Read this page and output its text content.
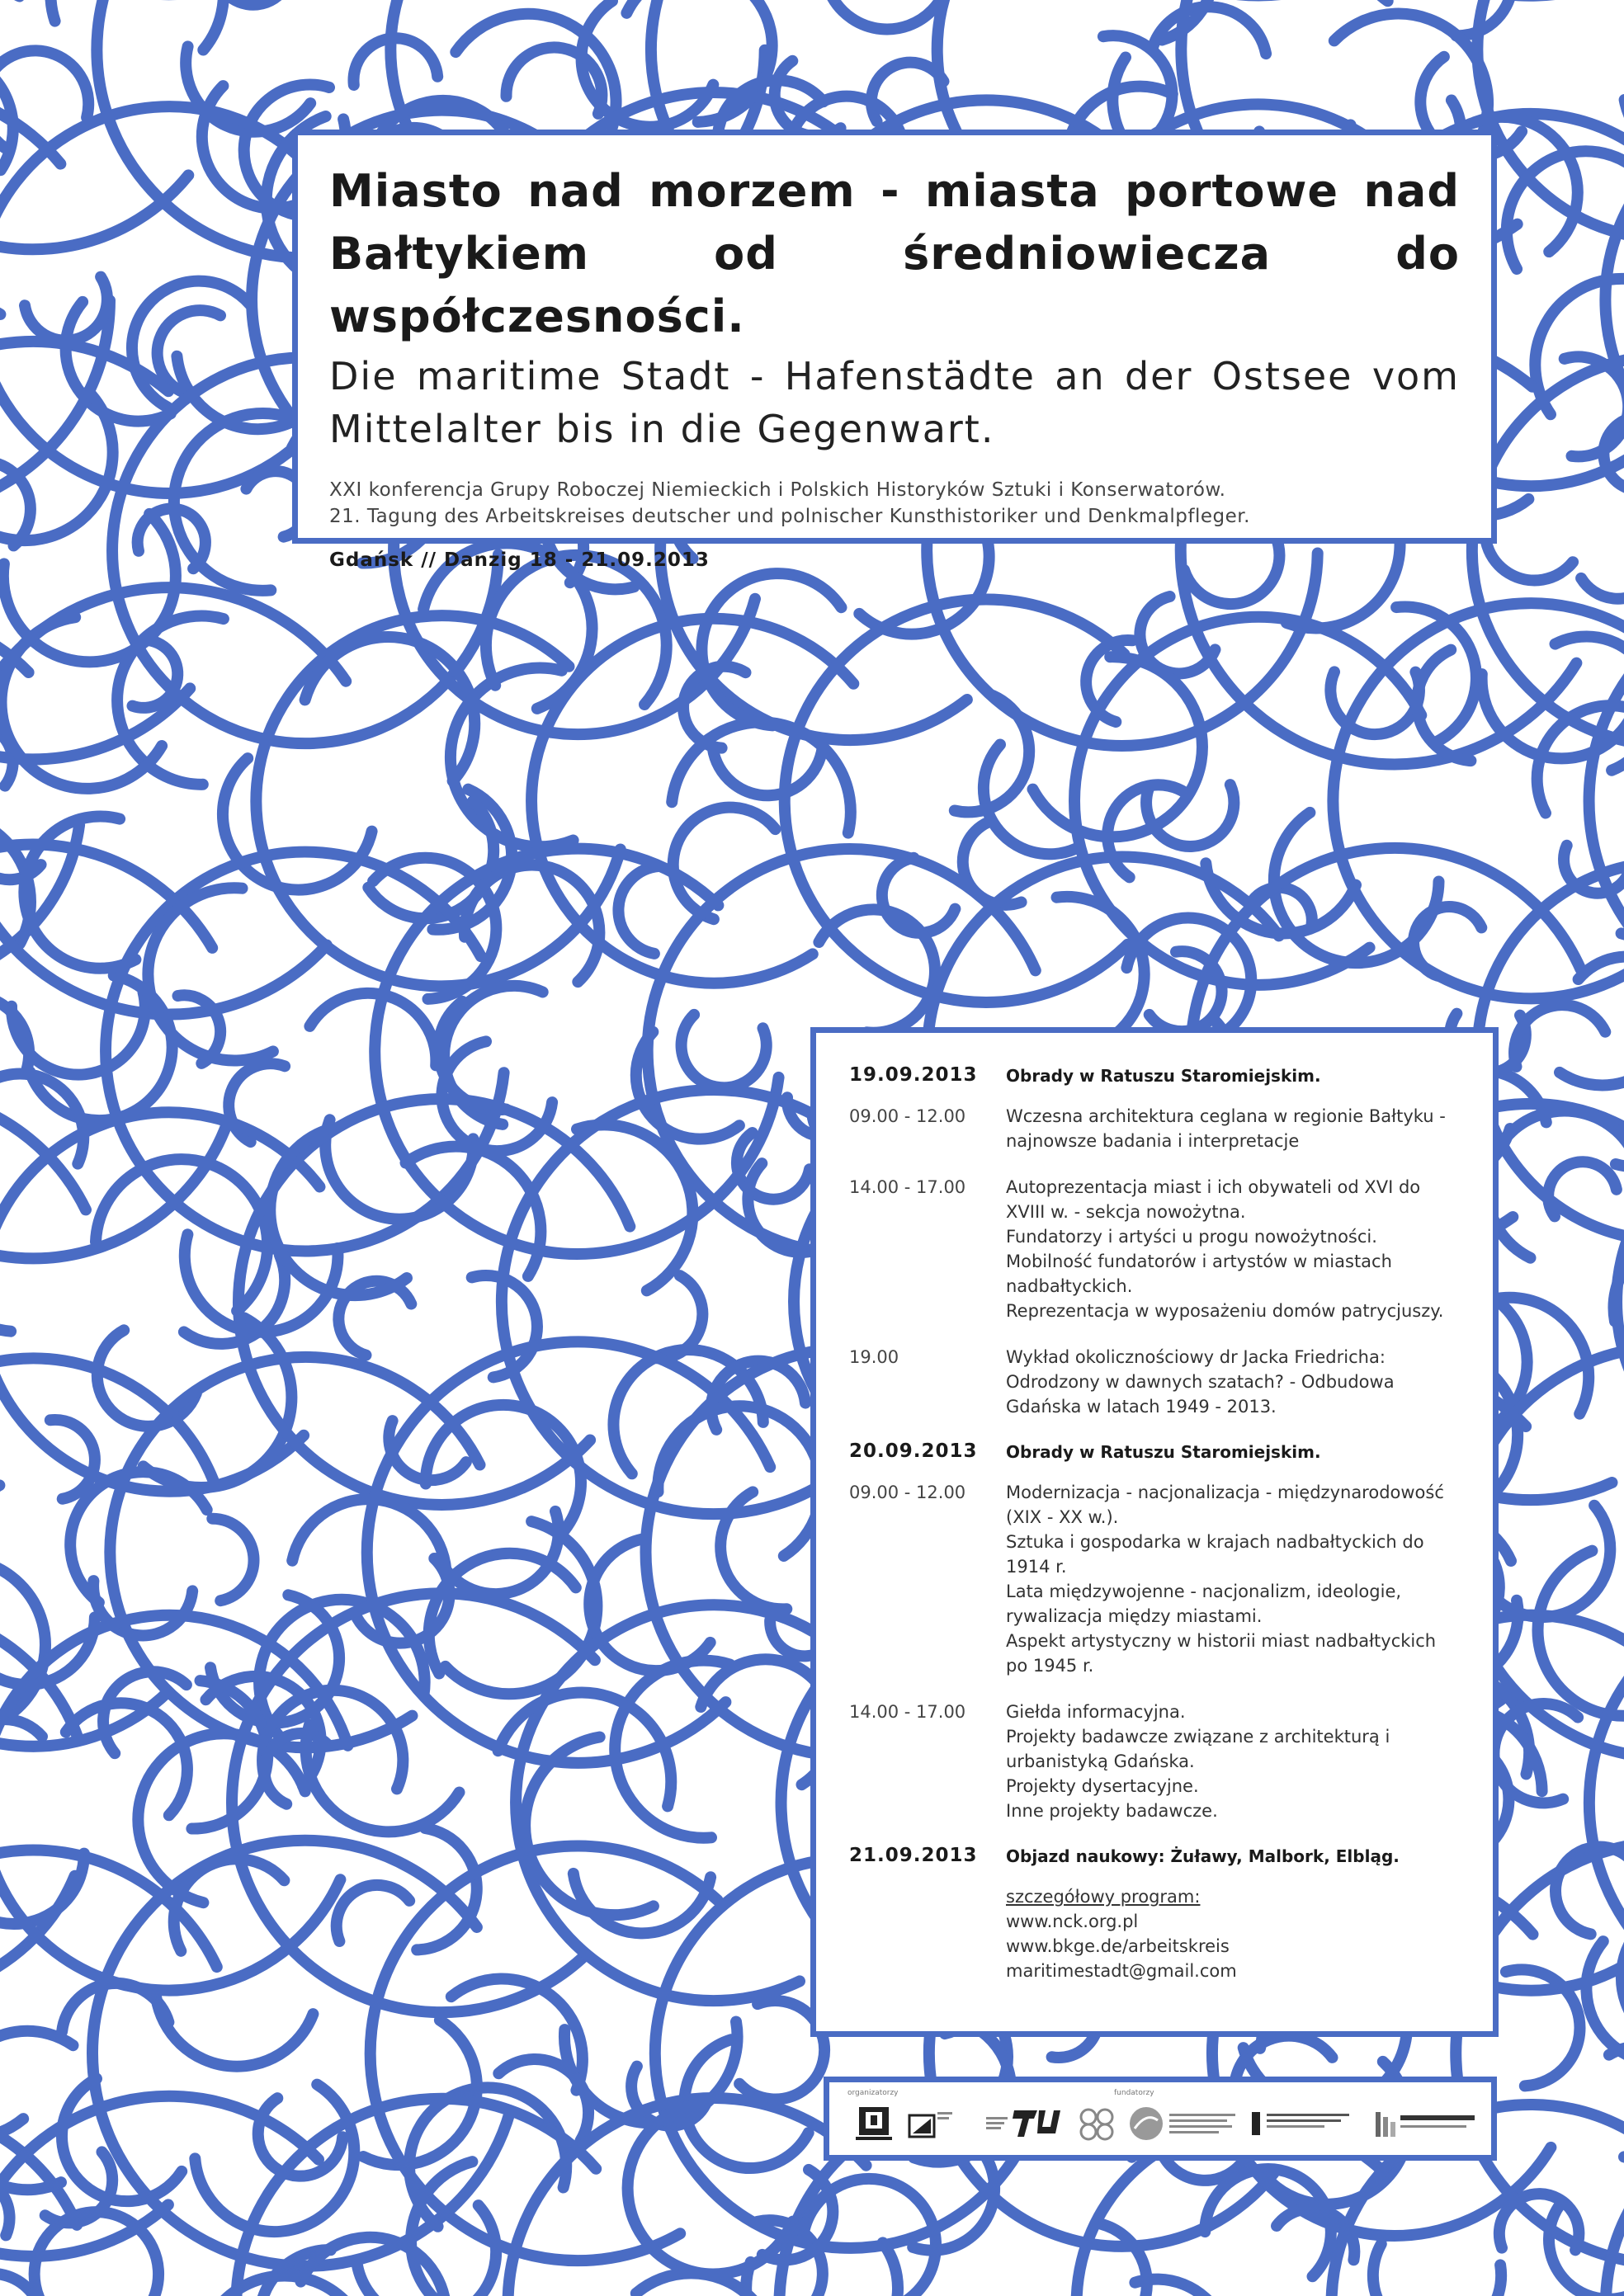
Miasto nad morzem - miasta portowe nad Bałtykiem od średniowiecza do współczesności.

Die maritime Stadt - Hafenstädte an der Ostsee vom Mittelalter bis in die Gegenwart.

XXI konferencja Grupy Roboczej Niemieckich i Polskich Historyków Sztuki i Konserwatorów.

21. Tagung des Arbeitskreises deutscher und polnischer Kunsthistoriker und Denkmalpfleger.

Gdańsk // Danzig 18 - 21.09.2013
19.09.2013	Obrady w Ratuszu Staromiejskim.
09.00 - 12.00	Wczesna architektura ceglana w regionie Bałtyku -
najnowsze badania i interpretacje
14.00 - 17.00	Autoprezentacja miast i ich obywateli od XVI do
XVIII w. - sekcja nowożytna.
Fundatorzy i artyści u progu nowożytności.
Mobilność fundatorów i artystów w miastach
nadbałtyckich.
Reprezentacja w wyposażeniu domów patrycjuszy.
19.00	Wykład okolicznościowy dr Jacka Friedricha:
Odrodzony w dawnych szatach? - Odbudowa
Gdańska w latach 1949 - 2013.
20.09.2013	Obrady w Ratuszu Staromiejskim.
09.00 - 12.00	Modernizacja - nacjonalizacja - międzynarodowość
(XIX - XX w.).
Sztuka i gospodarka w krajach nadbałtyckich do 1914 r.
Lata międzywojenne - nacjonalizm, ideologie,
rywalizacja między miastami.
Aspekt artystyczny w historii miast nadbałtyckich
po 1945 r.
14.00 - 17.00	Giełda informacyjna.
Projekty badawcze związane z architekturą i
urbanistyką Gdańska.
Projekty dysertacyjne.
Inne projekty badawcze.
21.09.2013	Objazd naukowy: Żuławy, Malbork, Elbląg.
szczegółowy program:
www.nck.org.pl
www.bkge.de/arbeitskreis
maritimestadt@gmail.com
organizatorzy	fundatorzy
